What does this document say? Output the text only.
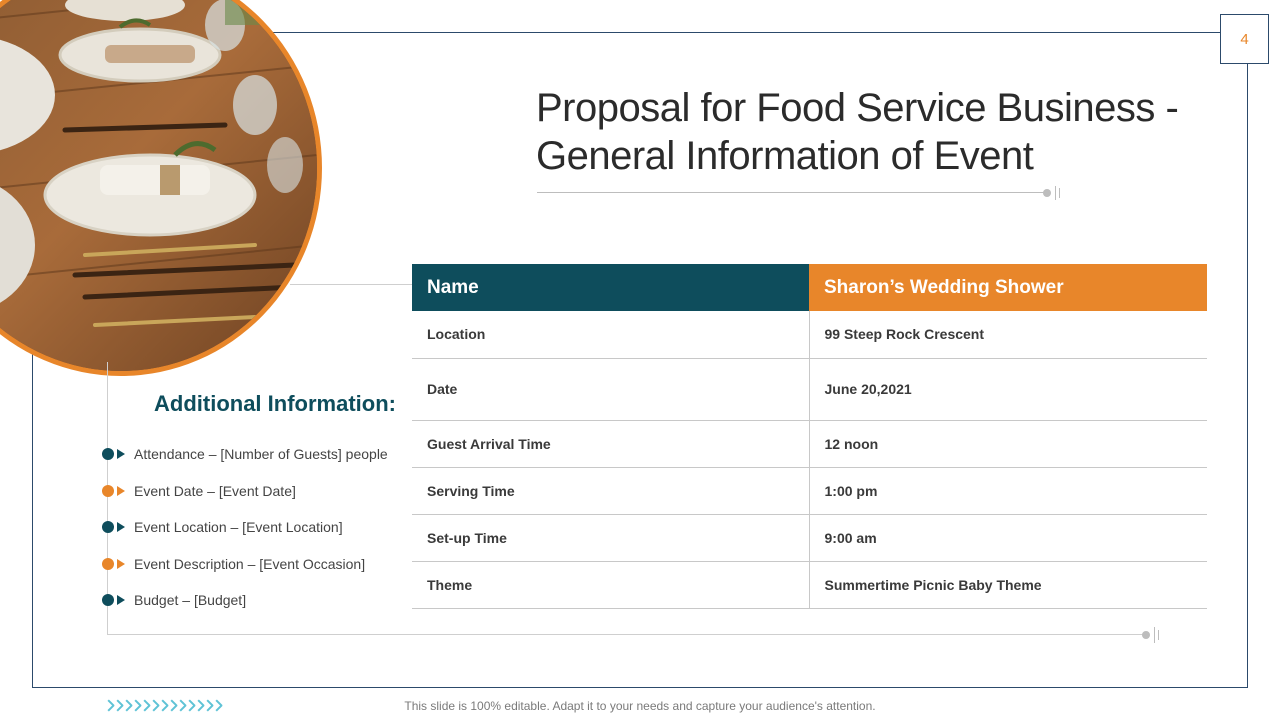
4
Proposal for Food Service Business -
General Information of Event
Name	Sharon’s Wedding Shower
Location	99 Steep Rock Crescent
Date	June 20,2021
Guest Arrival Time	12 noon
Serving Time	1:00 pm
Set-up Time	9:00 am
Theme	Summertime Picnic Baby Theme
Additional Information:
Attendance – [Number of Guests] people
Event Date – [Event Date]
Event Location – [Event Location]
Event Description – [Event Occasion]
Budget – [Budget]
This slide is 100% editable. Adapt it to your needs and capture your audience's attention.
